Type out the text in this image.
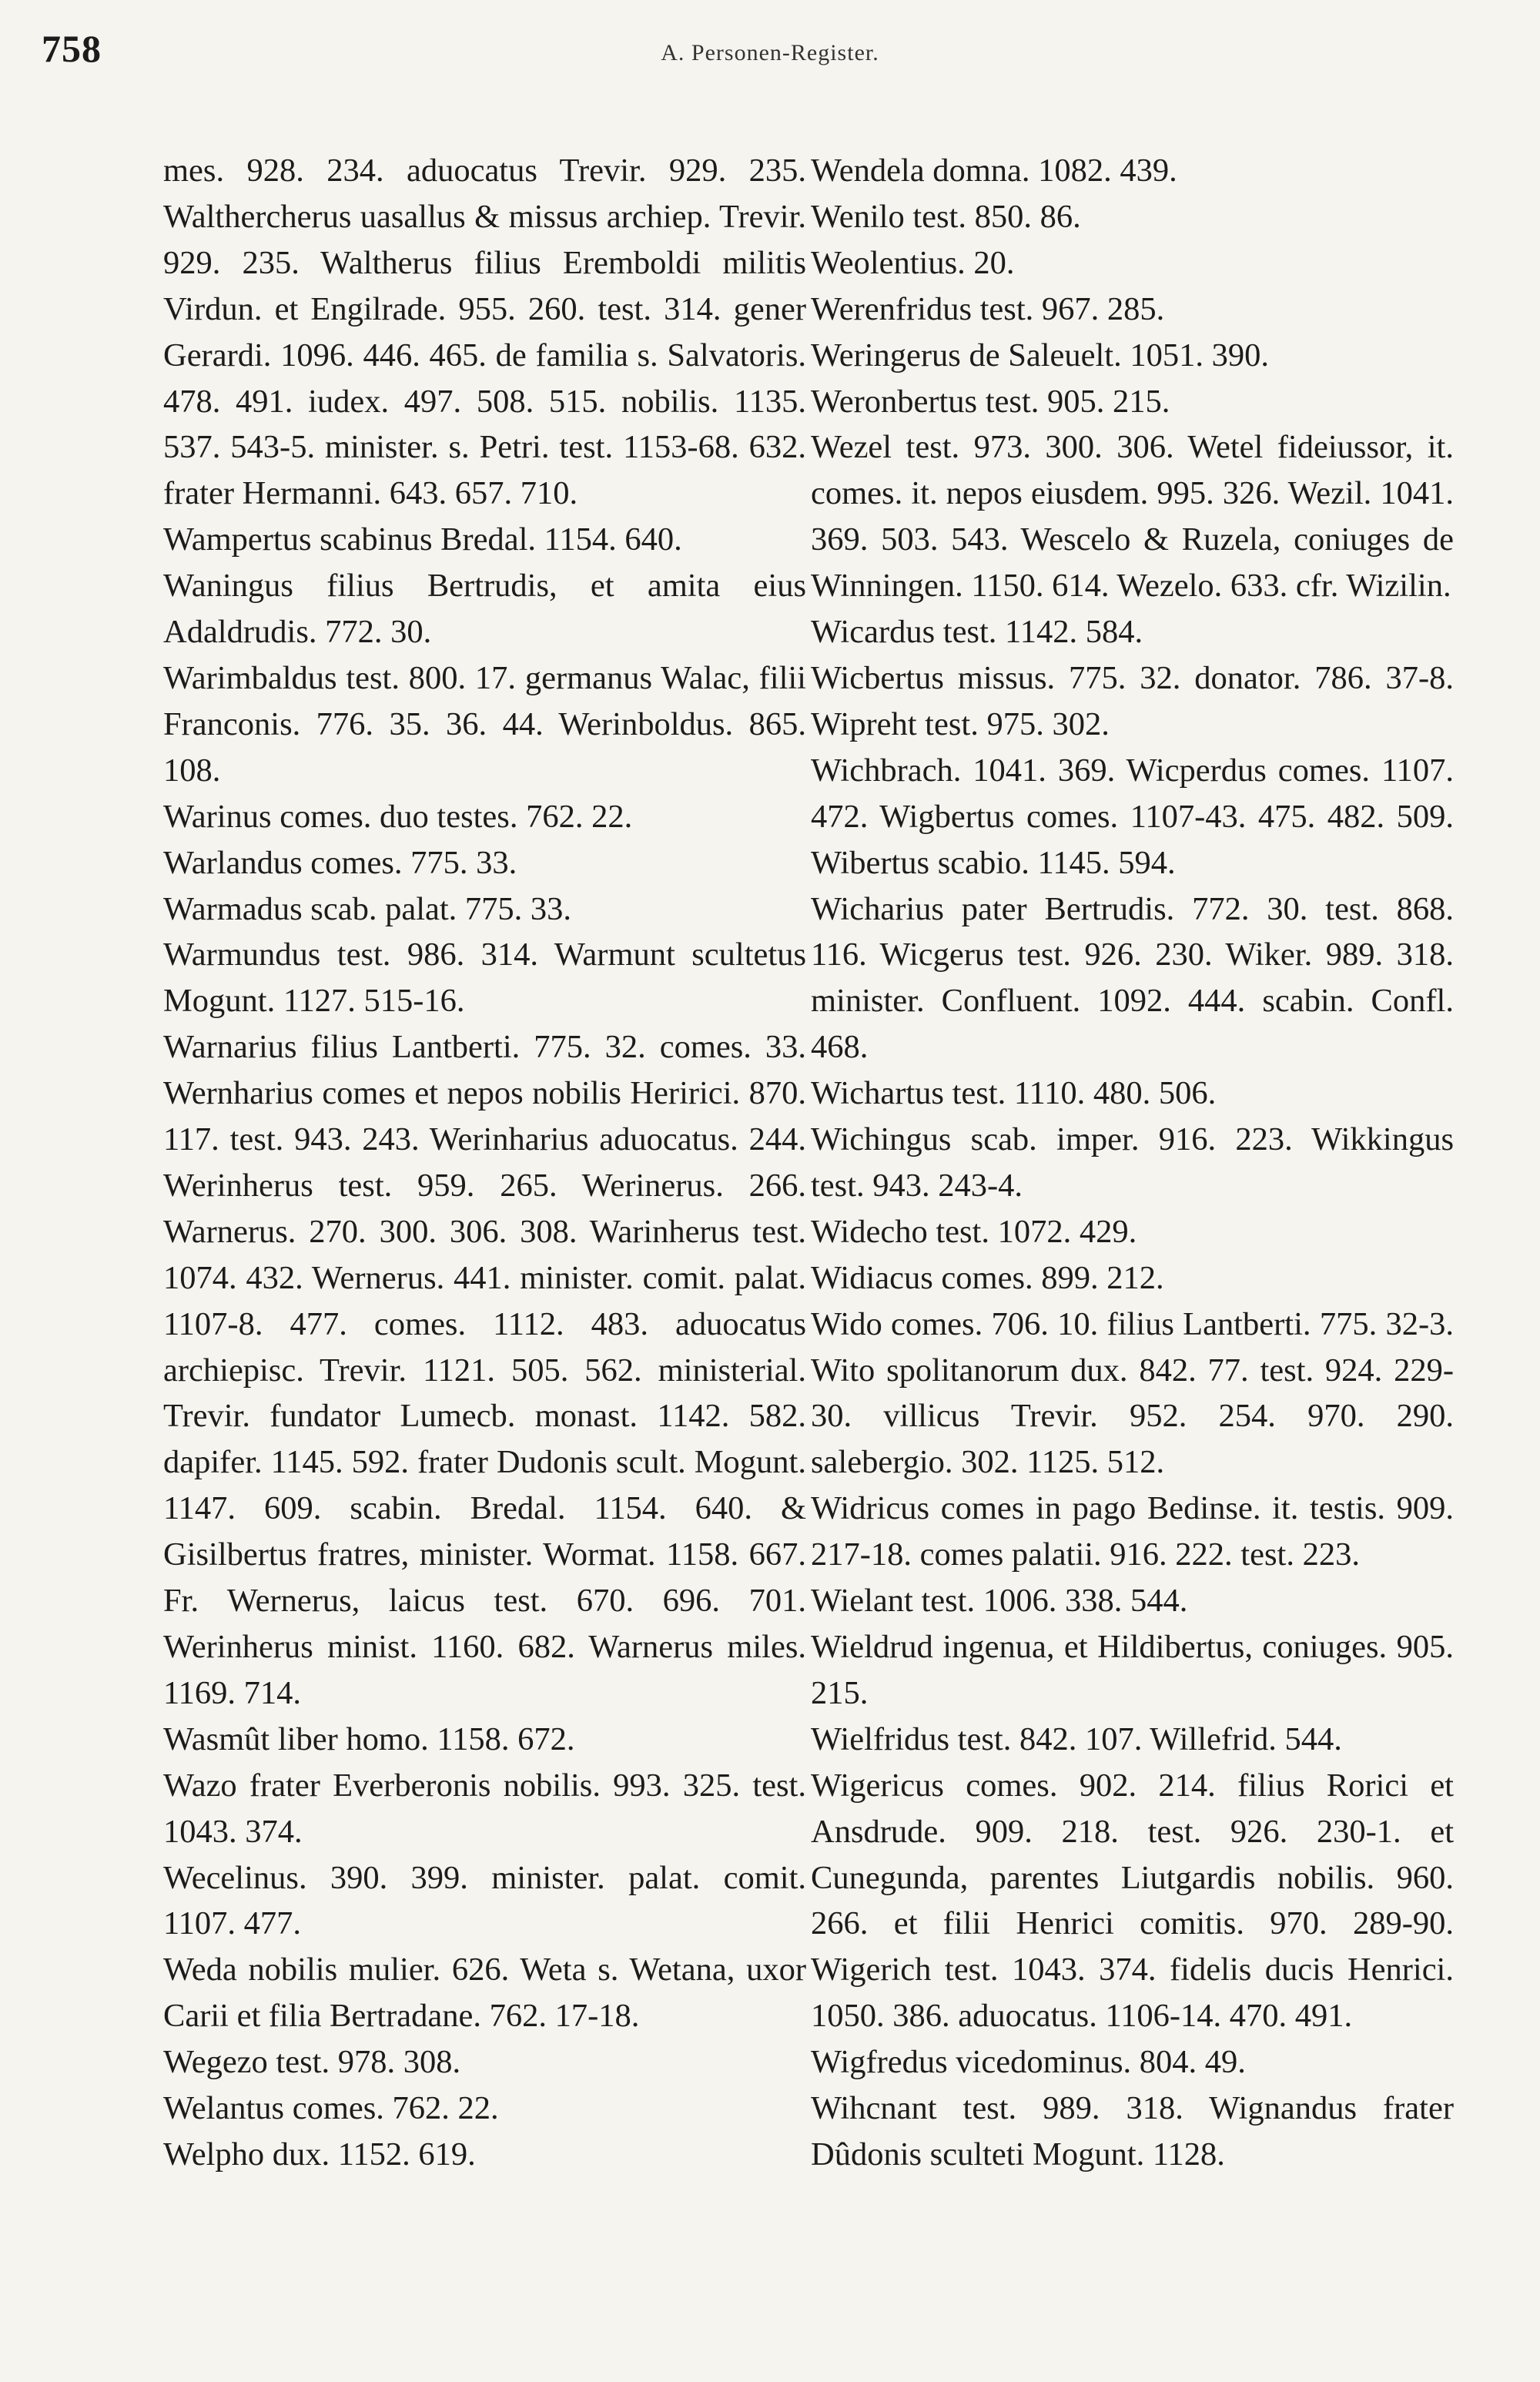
758	A. Personen-Register.

mes. 928. 234. aduocatus Trevir. 929. 235. Walthercherus uasallus & missus archiep. Trevir. 929. 235. Waltherus filius Eremboldi militis Virdun. et Engilrade. 955. 260. test. 314. gener Gerardi. 1096. 446. 465. de familia s. Salvatoris. 478. 491. iudex. 497. 508. 515. nobilis. 1135. 537. 543-5. minister. s. Petri. test. 1153-68. 632. frater Hermanni. 643. 657. 710.

Wampertus scabinus Bredal. 1154. 640.

Waningus filius Bertrudis, et amita eius Adaldrudis. 772. 30.

Warimbaldus test. 800. 17. germanus Walac, filii Franconis. 776. 35. 36. 44. Werinboldus. 865. 108.

Warinus comes. duo testes. 762. 22.

Warlandus comes. 775. 33.

Warmadus scab. palat. 775. 33.

Warmundus test. 986. 314. Warmunt scultetus Mogunt. 1127. 515-16.

Warnarius filius Lantberti. 775. 32. comes. 33. Wernharius comes et nepos nobilis Heririci. 870. 117. test. 943. 243. Werinharius aduocatus. 244. Werinherus test. 959. 265. Werinerus. 266. Warnerus. 270. 300. 306. 308. Warinherus test. 1074. 432. Wernerus. 441. minister. comit. palat. 1107-8. 477. comes. 1112. 483. aduocatus archiepisc. Trevir. 1121. 505. 562. ministerial. Trevir. fundator Lumecb. monast. 1142. 582. dapifer. 1145. 592. frater Dudonis scult. Mogunt. 1147. 609. scabin. Bredal. 1154. 640. & Gisilbertus fratres, minister. Wormat. 1158. 667. Fr. Wernerus, laicus test. 670. 696. 701. Werinherus minist. 1160. 682. Warnerus miles. 1169. 714.

Wasmût liber homo. 1158. 672.

Wazo frater Everberonis nobilis. 993. 325. test. 1043. 374.

Wecelinus. 390. 399. minister. palat. comit. 1107. 477.

Weda nobilis mulier. 626. Weta s. Wetana, uxor Carii et filia Bertradane. 762. 17-18.

Wegezo test. 978. 308.

Welantus comes. 762. 22.

Welpho dux. 1152. 619.

Wendela domna. 1082. 439.

Wenilo test. 850. 86.

Weolentius. 20.

Werenfridus test. 967. 285.

Weringerus de Saleuelt. 1051. 390.

Weronbertus test. 905. 215.

Wezel test. 973. 300. 306. Wetel fideiussor, it. comes. it. nepos eiusdem. 995. 326. Wezil. 1041. 369. 503. 543. Wescelo & Ruzela, coniuges de Winningen. 1150. 614. Wezelo. 633. cfr. Wizilin.

Wicardus test. 1142. 584.

Wicbertus missus. 775. 32. donator. 786. 37-8. Wipreht test. 975. 302.

Wichbrach. 1041. 369. Wicperdus comes. 1107. 472. Wigbertus comes. 1107-43. 475. 482. 509. Wibertus scabio. 1145. 594.

Wicharius pater Bertrudis. 772. 30. test. 868. 116. Wicgerus test. 926. 230. Wiker. 989. 318. minister. Confluent. 1092. 444. scabin. Confl. 468.

Wichartus test. 1110. 480. 506.

Wichingus scab. imper. 916. 223. Wikkingus test. 943. 243-4.

Widecho test. 1072. 429.

Widiacus comes. 899. 212.

Wido comes. 706. 10. filius Lantberti. 775. 32-3. Wito spolitanorum dux. 842. 77. test. 924. 229-30. villicus Trevir. 952. 254. 970. 290. salebergio. 302. 1125. 512.

Widricus comes in pago Bedinse. it. testis. 909. 217-18. comes palatii. 916. 222. test. 223.

Wielant test. 1006. 338. 544.

Wieldrud ingenua, et Hildibertus, coniuges. 905. 215.

Wielfridus test. 842. 107. Willefrid. 544.

Wigericus comes. 902. 214. filius Rorici et Ansdrude. 909. 218. test. 926. 230-1. et Cunegunda, parentes Liutgardis nobilis. 960. 266. et filii Henrici comitis. 970. 289-90. Wigerich test. 1043. 374. fidelis ducis Henrici. 1050. 386. aduocatus. 1106-14. 470. 491.

Wigfredus vicedominus. 804. 49.

Wihcnant test. 989. 318. Wignandus frater Dûdonis sculteti Mogunt. 1128.
